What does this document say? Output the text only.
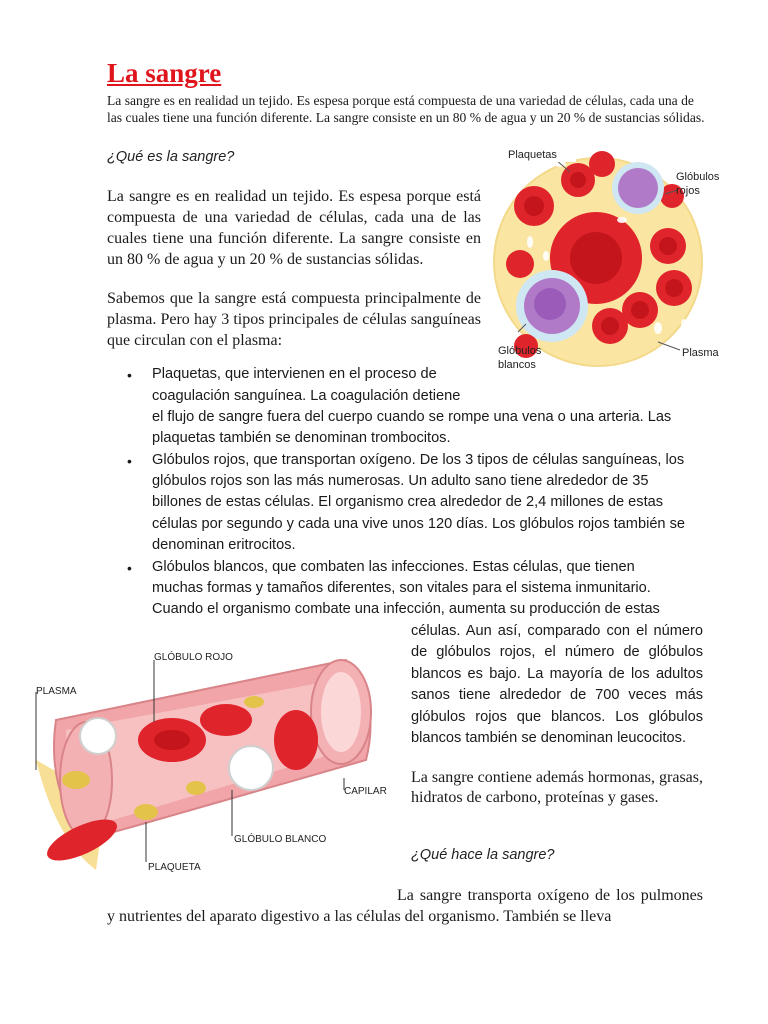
La sangre

La sangre es en realidad un tejido. Es espesa porque está compuesta de una variedad de células, cada una de las cuales tiene una función diferente. La sangre consiste en un 80 % de agua y un 20 % de sustancias sólidas.

¿Qué es la sangre?

La sangre es en realidad un tejido. Es espesa porque está compuesta de una variedad de células, cada una de las cuales tiene una función diferente. La sangre consiste en un 80 % de agua y un 20 % de sustancias sólidas.

Sabemos que la sangre está compuesta principalmente de plasma. Pero hay 3 tipos principales de células sanguíneas que circulan con el plasma:

Plaquetas
Glóbulos
rojos
Glóbulos
blancos
Plasma
• Plaquetas, que intervienen en el proceso de
coagulación sanguínea. La coagulación detiene
el flujo de sangre fuera del cuerpo cuando se rompe una vena o una arteria. Las
plaquetas también se denominan trombocitos.
• Glóbulos rojos, que transportan oxígeno. De los 3 tipos de células sanguíneas, los
glóbulos rojos son las más numerosas. Un adulto sano tiene alrededor de 35
billones de estas células. El organismo crea alrededor de 2,4 millones de estas
células por segundo y cada una vive unos 120 días. Los glóbulos rojos también se
denominan eritrocitos.
• Glóbulos blancos, que combaten las infecciones. Estas células, que tienen
muchas formas y tamaños diferentes, son vitales para el sistema inmunitario.
Cuando el organismo combate una infección, aumenta su producción de estas

células. Aun así, comparado con el número de glóbulos rojos, el número de glóbulos blancos es bajo. La mayoría de los adultos sanos tiene alrededor de 700 veces más glóbulos rojos que blancos. Los glóbulos blancos también se denominan leucocitos.

GLÓBULO ROJO
PLASMA
CAPILAR
GLÓBULO BLANCO
PLAQUETA

La sangre contiene además hormonas, grasas, hidratos de carbono, proteínas y gases.

¿Qué hace la sangre?

La sangre transporta oxígeno de los pulmones y nutrientes del aparato digestivo a las células del organismo. También se lleva
